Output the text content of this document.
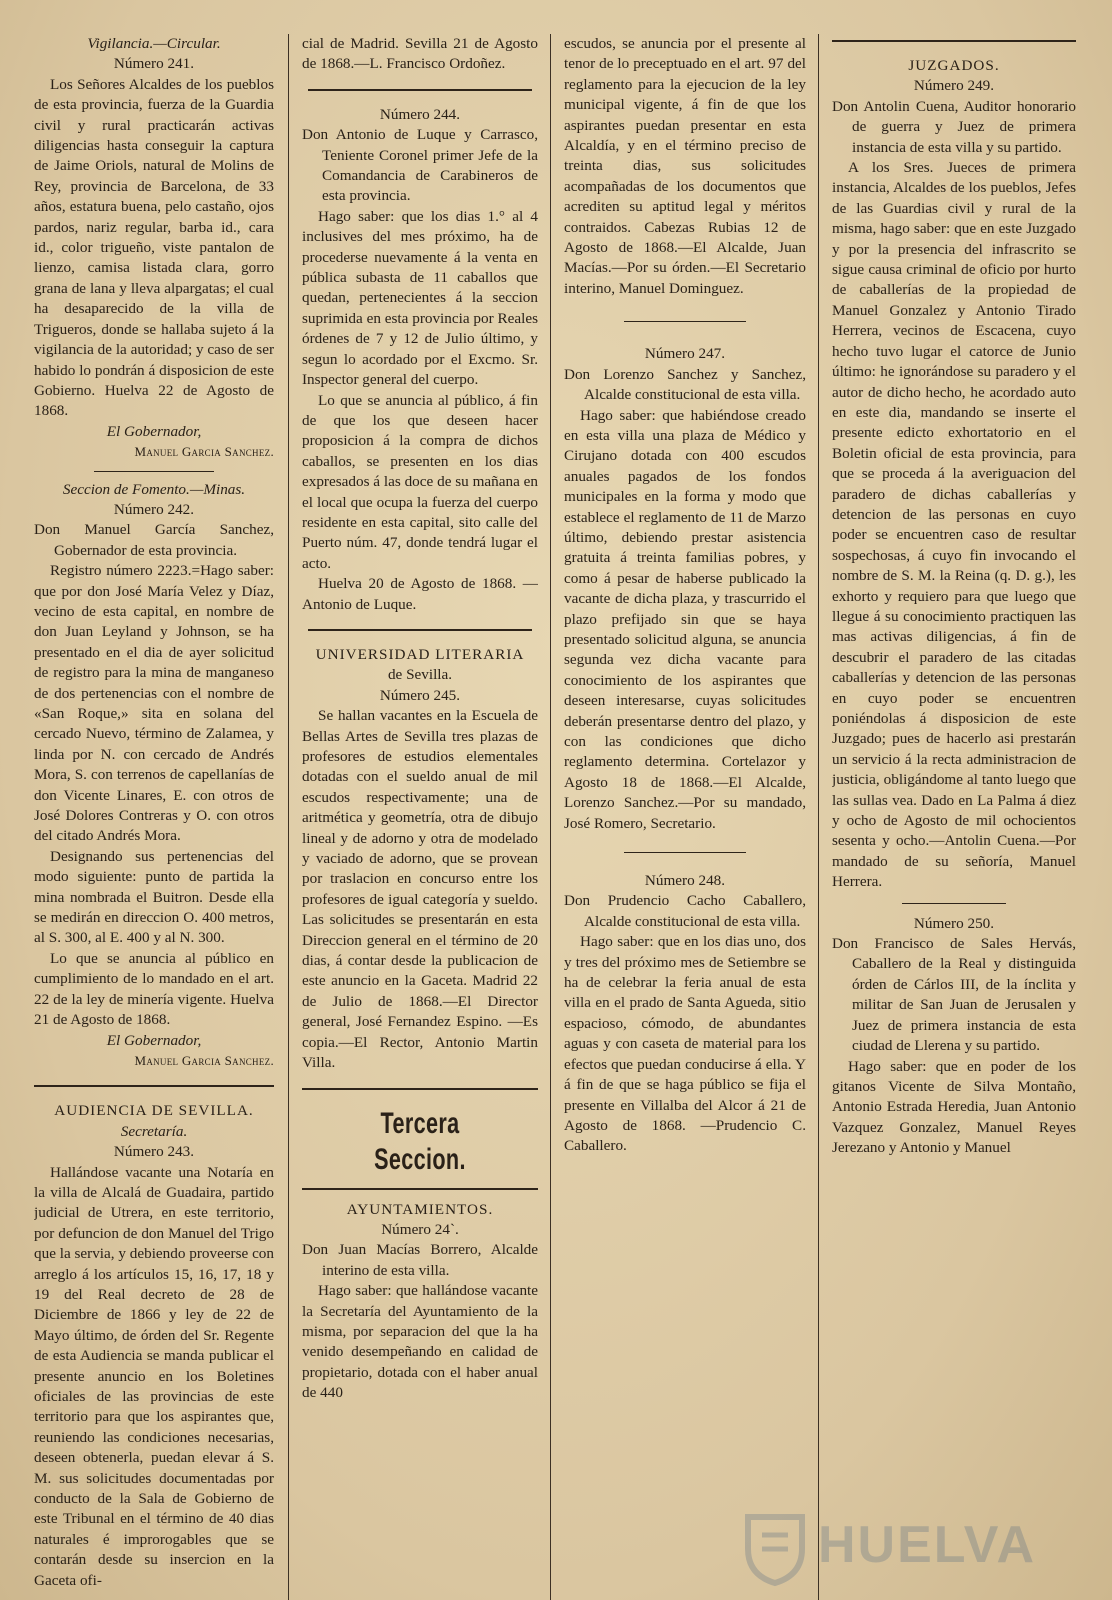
Vigilancia.—Circular.

Número 241.

Los Señores Alcaldes de los pueblos de esta provincia, fuerza de la Guardia civil y rural practicarán activas diligencias hasta conseguir la captura de Jaime Oriols, natural de Molins de Rey, provincia de Barcelona, de 33 años, estatura buena, pelo castaño, ojos pardos, nariz regular, barba id., cara id., color trigueño, viste pantalon de lienzo, camisa listada clara, gorro grana de lana y lleva alpargatas; el cual ha desaparecido de la villa de Trigueros, donde se hallaba sujeto á la vigilancia de la autoridad; y caso de ser habido lo pondrán á disposicion de este Gobierno. Huelva 22 de Agosto de 1868.

El Gobernador,

Manuel Garcia Sanchez.

Seccion de Fomento.—Minas.

Número 242.

Don Manuel García Sanchez, Gobernador de esta provincia.

Registro número 2223.=Hago saber: que por don José María Velez y Díaz, vecino de esta capital, en nombre de don Juan Leyland y Johnson, se ha presentado en el dia de ayer solicitud de registro para la mina de manganeso de dos pertenencias con el nombre de «San Roque,» sita en solana del cercado Nuevo, término de Zalamea, y linda por N. con cercado de Andrés Mora, S. con terrenos de capellanías de don Vicente Linares, E. con otros de José Dolores Contreras y O. con otros del citado Andrés Mora.

Designando sus pertenencias del modo siguiente: punto de partida la mina nombrada el Buitron. Desde ella se medirán en direccion O. 400 metros, al S. 300, al E. 400 y al N. 300.

Lo que se anuncia al público en cumplimiento de lo mandado en el art. 22 de la ley de minería vigente. Huelva 21 de Agosto de 1868.

El Gobernador,

Manuel Garcia Sanchez.

AUDIENCIA DE SEVILLA.

Secretaría.

Número 243.

Hallándose vacante una Notaría en la villa de Alcalá de Guadaira, partido judicial de Utrera, en este territorio, por defuncion de don Manuel del Trigo que la servia, y debiendo proveerse con arreglo á los artículos 15, 16, 17, 18 y 19 del Real decreto de 28 de Diciembre de 1866 y ley de 22 de Mayo último, de órden del Sr. Regente de esta Audiencia se manda publicar el presente anuncio en los Boletines oficiales de las provincias de este territorio para que los aspirantes que, reuniendo las condiciones necesarias, deseen obtenerla, puedan elevar á S. M. sus solicitudes documentadas por conducto de la Sala de Gobierno de este Tribunal en el término de 40 dias naturales é improrogables que se contarán desde su insercion en la Gaceta ofi-

cial de Madrid. Sevilla 21 de Agosto de 1868.—L. Francisco Ordoñez.

Número 244.

Don Antonio de Luque y Carrasco, Teniente Coronel primer Jefe de la Comandancia de Carabineros de esta provincia.

Hago saber: que los dias 1.° al 4 inclusives del mes próximo, ha de procederse nuevamente á la venta en pública subasta de 11 caballos que quedan, pertenecientes á la seccion suprimida en esta provincia por Reales órdenes de 7 y 12 de Julio último, y segun lo acordado por el Excmo. Sr. Inspector general del cuerpo.

Lo que se anuncia al público, á fin de que los que deseen hacer proposicion á la compra de dichos caballos, se presenten en los dias expresados á las doce de su mañana en el local que ocupa la fuerza del cuerpo residente en esta capital, sito calle del Puerto núm. 47, donde tendrá lugar el acto.

Huelva 20 de Agosto de 1868. —Antonio de Luque.

UNIVERSIDAD LITERARIA

de Sevilla.

Número 245.

Se hallan vacantes en la Escuela de Bellas Artes de Sevilla tres plazas de profesores de estudios elementales dotadas con el sueldo anual de mil escudos respectivamente; una de aritmética y geometría, otra de dibujo lineal y de adorno y otra de modelado y vaciado de adorno, que se provean por traslacion en concurso entre los profesores de igual categoría y sueldo. Las solicitudes se presentarán en esta Direccion general en el término de 20 dias, á contar desde la publicacion de este anuncio en la Gaceta. Madrid 22 de Julio de 1868.—El Director general, José Fernandez Espino. —Es copia.—El Rector, Antonio Martin Villa.

Tercera Seccion.

AYUNTAMIENTOS.

Número 24`.

Don Juan Macías Borrero, Alcalde interino de esta villa.

Hago saber: que hallándose vacante la Secretaría del Ayuntamiento de la misma, por separacion del que la ha venido desempeñando en calidad de propietario, dotada con el haber anual de 440

escudos, se anuncia por el presente al tenor de lo preceptuado en el art. 97 del reglamento para la ejecucion de la ley municipal vigente, á fin de que los aspirantes puedan presentar en esta Alcaldía, y en el término preciso de treinta dias, sus solicitudes acompañadas de los documentos que acrediten su aptitud legal y méritos contraidos. Cabezas Rubias 12 de Agosto de 1868.—El Alcalde, Juan Macías.—Por su órden.—El Secretario interino, Manuel Dominguez.

Número 247.

Don Lorenzo Sanchez y Sanchez, Alcalde constitucional de esta villa.

Hago saber: que habiéndose creado en esta villa una plaza de Médico y Cirujano dotada con 400 escudos anuales pagados de los fondos municipales en la forma y modo que establece el reglamento de 11 de Marzo último, debiendo prestar asistencia gratuita á treinta familias pobres, y como á pesar de haberse publicado la vacante de dicha plaza, y trascurrido el plazo prefijado sin que se haya presentado solicitud alguna, se anuncia segunda vez dicha vacante para conocimiento de los aspirantes que deseen interesarse, cuyas solicitudes deberán presentarse dentro del plazo, y con las condiciones que dicho reglamento determina. Cortelazor y Agosto 18 de 1868.—El Alcalde, Lorenzo Sanchez.—Por su mandado, José Romero, Secretario.

Número 248.

Don Prudencio Cacho Caballero, Alcalde constitucional de esta villa.

Hago saber: que en los dias uno, dos y tres del próximo mes de Setiembre se ha de celebrar la feria anual de esta villa en el prado de Santa Agueda, sitio espacioso, cómodo, de abundantes aguas y con caseta de material para los efectos que puedan conducirse á ella. Y á fin de que se haga público se fija el presente en Villalba del Alcor á 21 de Agosto de 1868. —Prudencio C. Caballero.

JUZGADOS.

Número 249.

Don Antolin Cuena, Auditor honorario de guerra y Juez de primera instancia de esta villa y su partido.

A los Sres. Jueces de primera instancia, Alcaldes de los pueblos, Jefes de las Guardias civil y rural de la misma, hago saber: que en este Juzgado y por la presencia del infrascrito se sigue causa criminal de oficio por hurto de caballerías de la propiedad de Manuel Gonzalez y Antonio Tirado Herrera, vecinos de Escacena, cuyo hecho tuvo lugar el catorce de Junio último: he ignorándose su paradero y el autor de dicho hecho, he acordado auto en este dia, mandando se inserte el presente edicto exhortatorio en el Boletin oficial de esta provincia, para que se proceda á la averiguacion del paradero de dichas caballerías y detencion de las personas en cuyo poder se encuentren caso de resultar sospechosas, á cuyo fin invocando el nombre de S. M. la Reina (q. D. g.), les exhorto y requiero para que luego que llegue á su conocimiento practiquen las mas activas diligencias, á fin de descubrir el paradero de las citadas caballerías y detencion de las personas en cuyo poder se encuentren poniéndolas á disposicion de este Juzgado; pues de hacerlo asi prestarán un servicio á la recta administracion de justicia, obligándome al tanto luego que las sullas vea. Dado en La Palma á diez y ocho de Agosto de mil ochocientos sesenta y ocho.—Antolin Cuena.—Por mandado de su señoría, Manuel Herrera.

Número 250.

Don Francisco de Sales Hervás, Caballero de la Real y distinguida órden de Cárlos III, de la ínclita y militar de San Juan de Jerusalen y Juez de primera instancia de esta ciudad de Llerena y su partido.

Hago saber: que en poder de los gitanos Vicente de Silva Montaño, Antonio Estrada Heredia, Juan Antonio Vazquez Gonzalez, Manuel Reyes Jerezano y Antonio y Manuel

HUELVA
